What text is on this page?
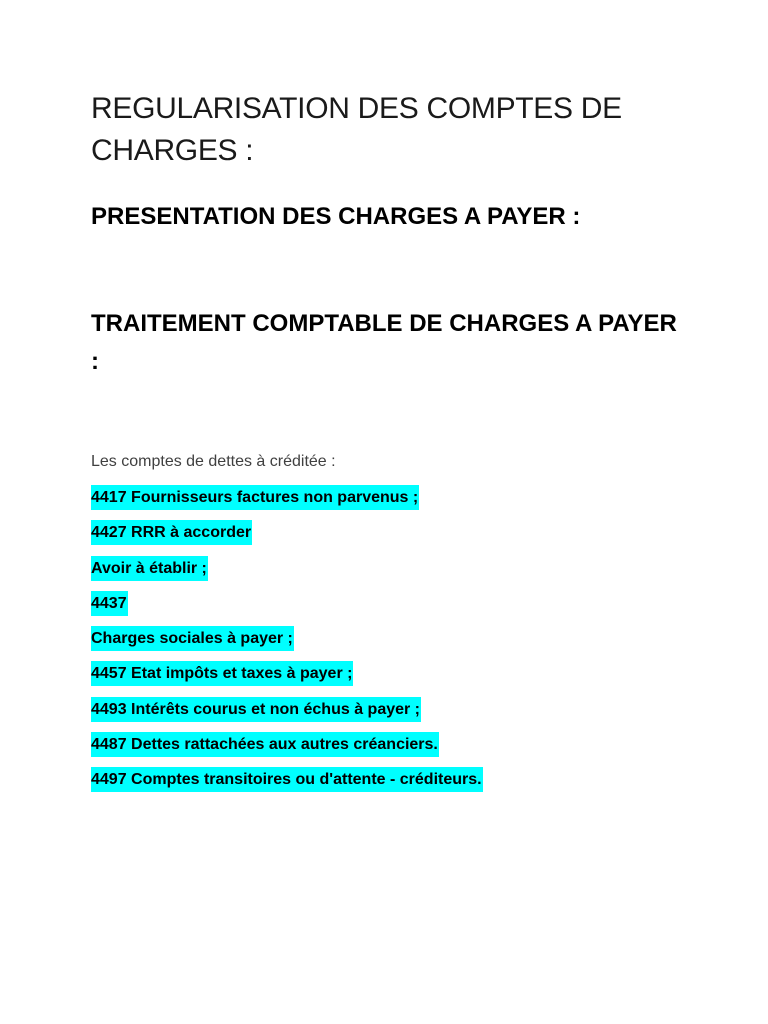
REGULARISATION DES COMPTES DE CHARGES :
PRESENTATION DES CHARGES A PAYER :
TRAITEMENT COMPTABLE DE CHARGES A PAYER :

Les comptes de dettes à créditée :

4417 Fournisseurs factures non parvenus ;
4427 RRR à accorder
Avoir à établir ;
4437
Charges sociales à payer ;
4457 Etat impôts et taxes à payer ;
4493 Intérêts courus et non échus à payer ;
4487 Dettes rattachées aux autres créanciers.
4497 Comptes transitoires ou d'attente - créditeurs.
